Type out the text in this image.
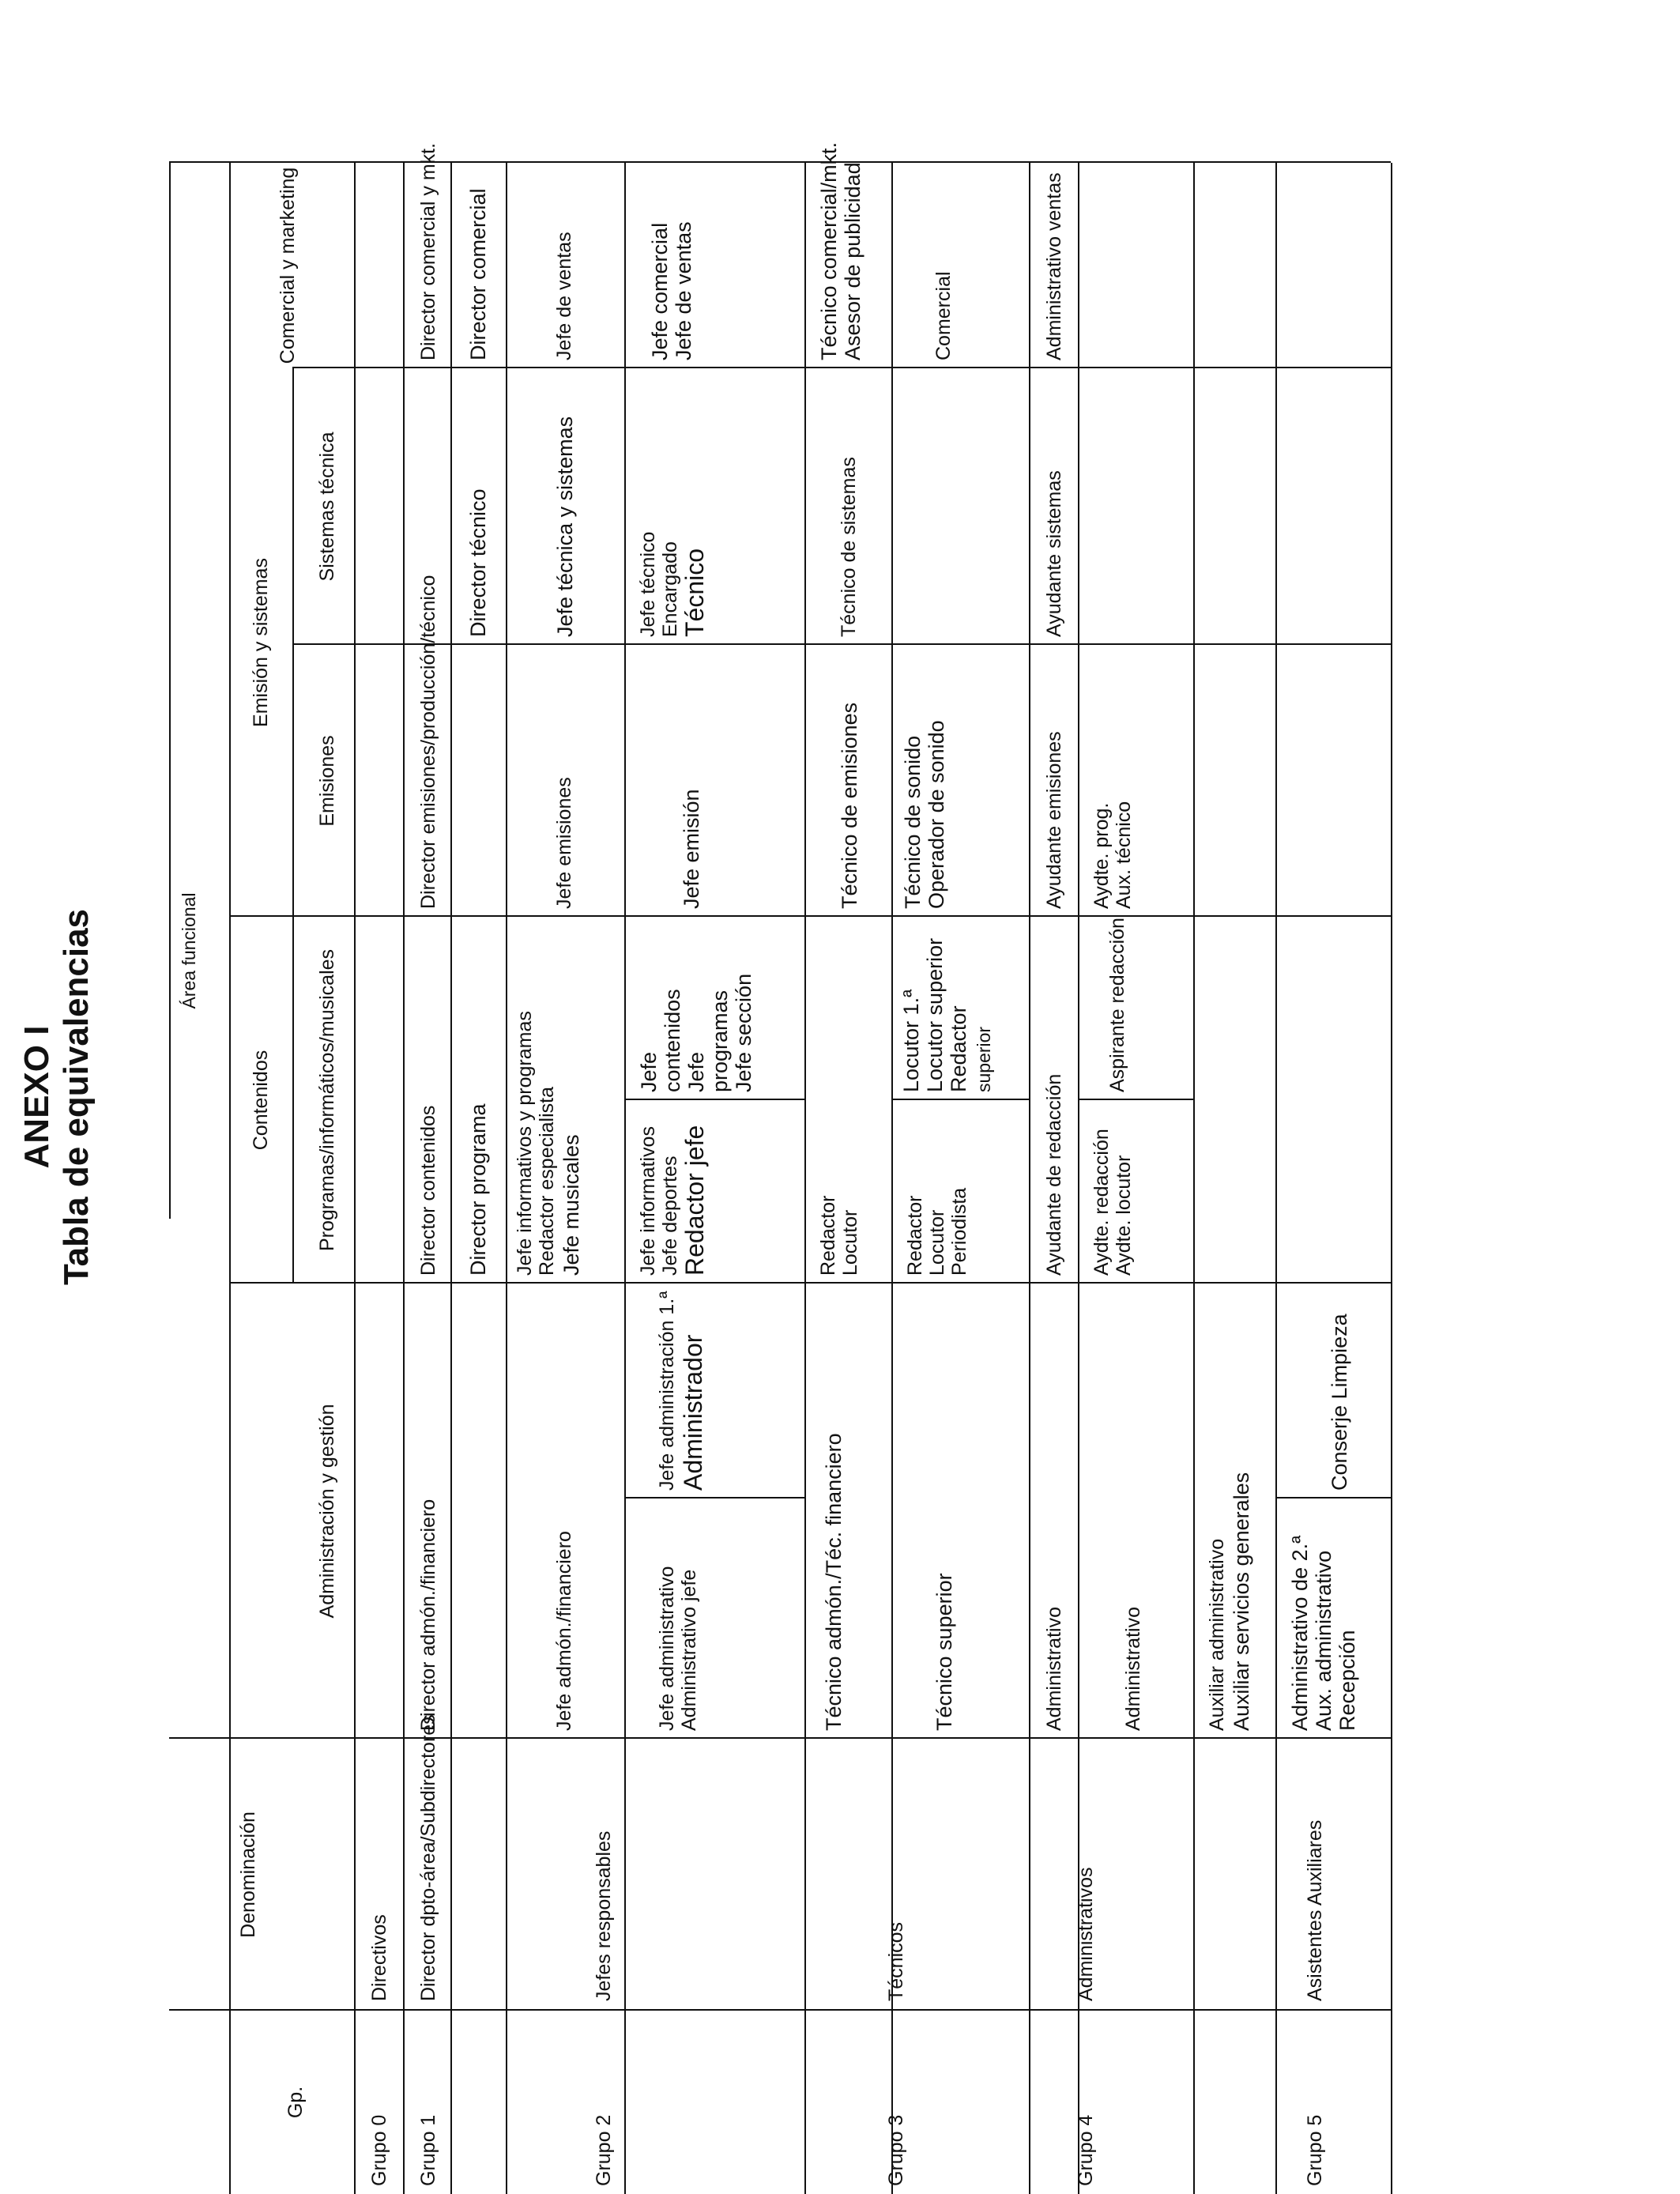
ANEXO I Tabla de equivalencias
Gp.
Denominación
Área funcional
Administración y gestión
Contenidos Programas/informáticos/musicales
Emisión y sistemas
Emisiones
Sistemas técnica
Comercial y marketing
Grupo 0
Directivos
Grupo 1
Director dpto-área/Subdirectores
Director admón./financiero
Director contenidos
Director emisiones/producción/técnico
Director comercial y mkt.
Director programa
Director técnico
Director comercial
Grupo 2
Jefes responsables
Jefe admón./financiero
Jefe informativos y programas
Redactor especialista Jefe musicales
Jefe emisiones
Jefe técnica y sistemas
Jefe de ventas
Jefe administrativo
Administrativo jefe
Jefe administración 1.ª Administrador
Jefe informativos
Jefe deportes Redactor jefe
Jefe
contenidos
Jefe
programas
Jefe sección
Jefe emisión
Jefe técnico
Encargado Técnico
Jefe comercial
Jefe de ventas
Grupo 3
Técnicos
Técnico admón./Téc. financiero
Redactor
Locutor
Técnico de emisiones
Técnico de sistemas
Técnico comercial/mkt.
Asesor de publicidad
Técnico superior
Redactor
Locutor
Periodista
Locutor 1.ª
Locutor superior
Redactor superior
Técnico de sonido
Operador de sonido
Comercial
Grupo 4
Administrativos
Administrativo
Ayudante de redacción
Ayudante emisiones
Ayudante sistemas
Administrativo ventas
Administrativo
Aydte. redacción
Aydte. locutor
Aspirante redacción
Aydte. prog.
Aux. técnico
Grupo 5
Asistentes Auxiliares
Auxiliar administrativo Auxiliar servicios generales Administrativo de 2.ª
Aux. administrativo
Recepción
Conserje Limpieza
